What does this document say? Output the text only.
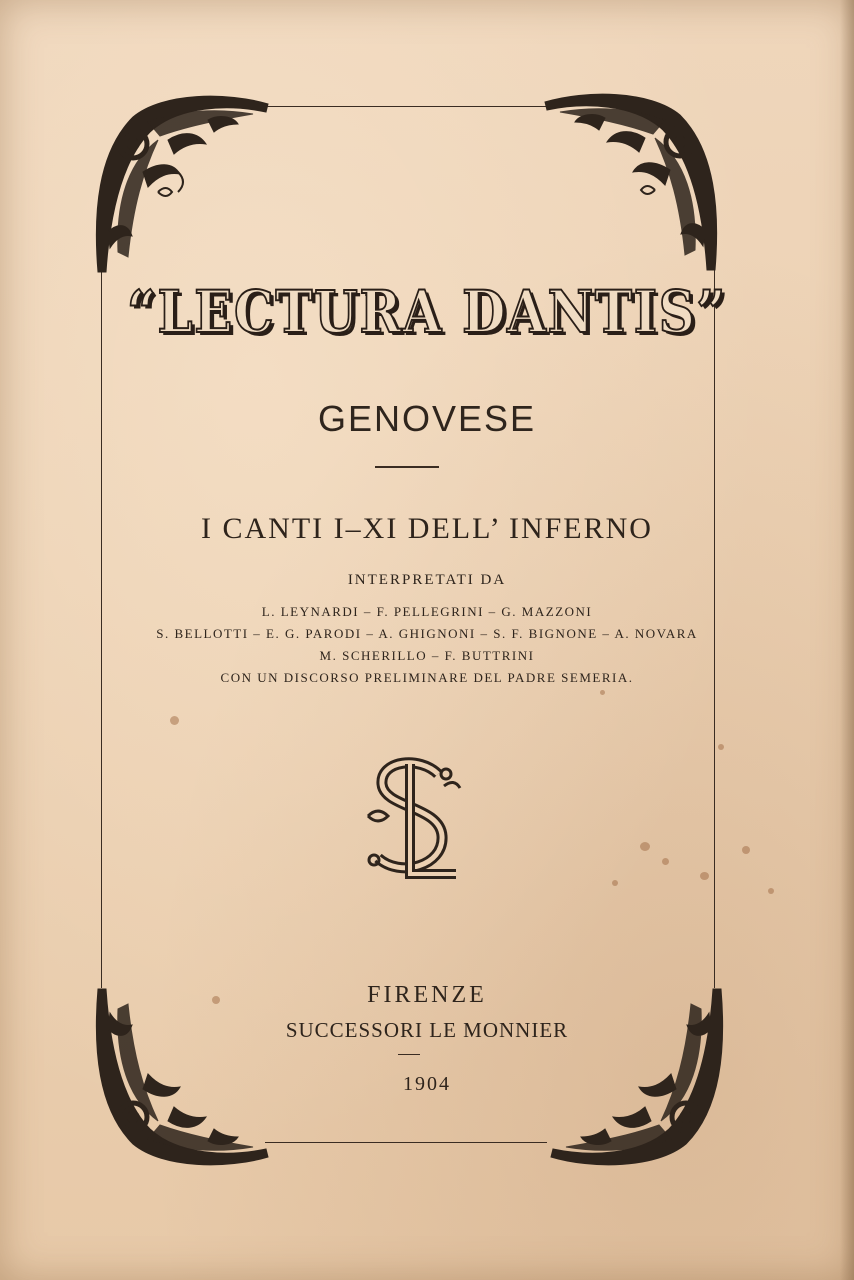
“LECTURA DANTIS”
GENOVESE
I CANTI I–XI DELL’ INFERNO
INTERPRETATI DA
L. LEYNARDI – F. PELLEGRINI – G. MAZZONI
S. BELLOTTI – E. G. PARODI – A. GHIGNONI – S. F. BIGNONE – A. NOVARA
M. SCHERILLO – F. BUTTRINI
CON UN DISCORSO PRELIMINARE DEL PADRE SEMERIA.
FIRENZE
SUCCESSORI LE MONNIER
1904
